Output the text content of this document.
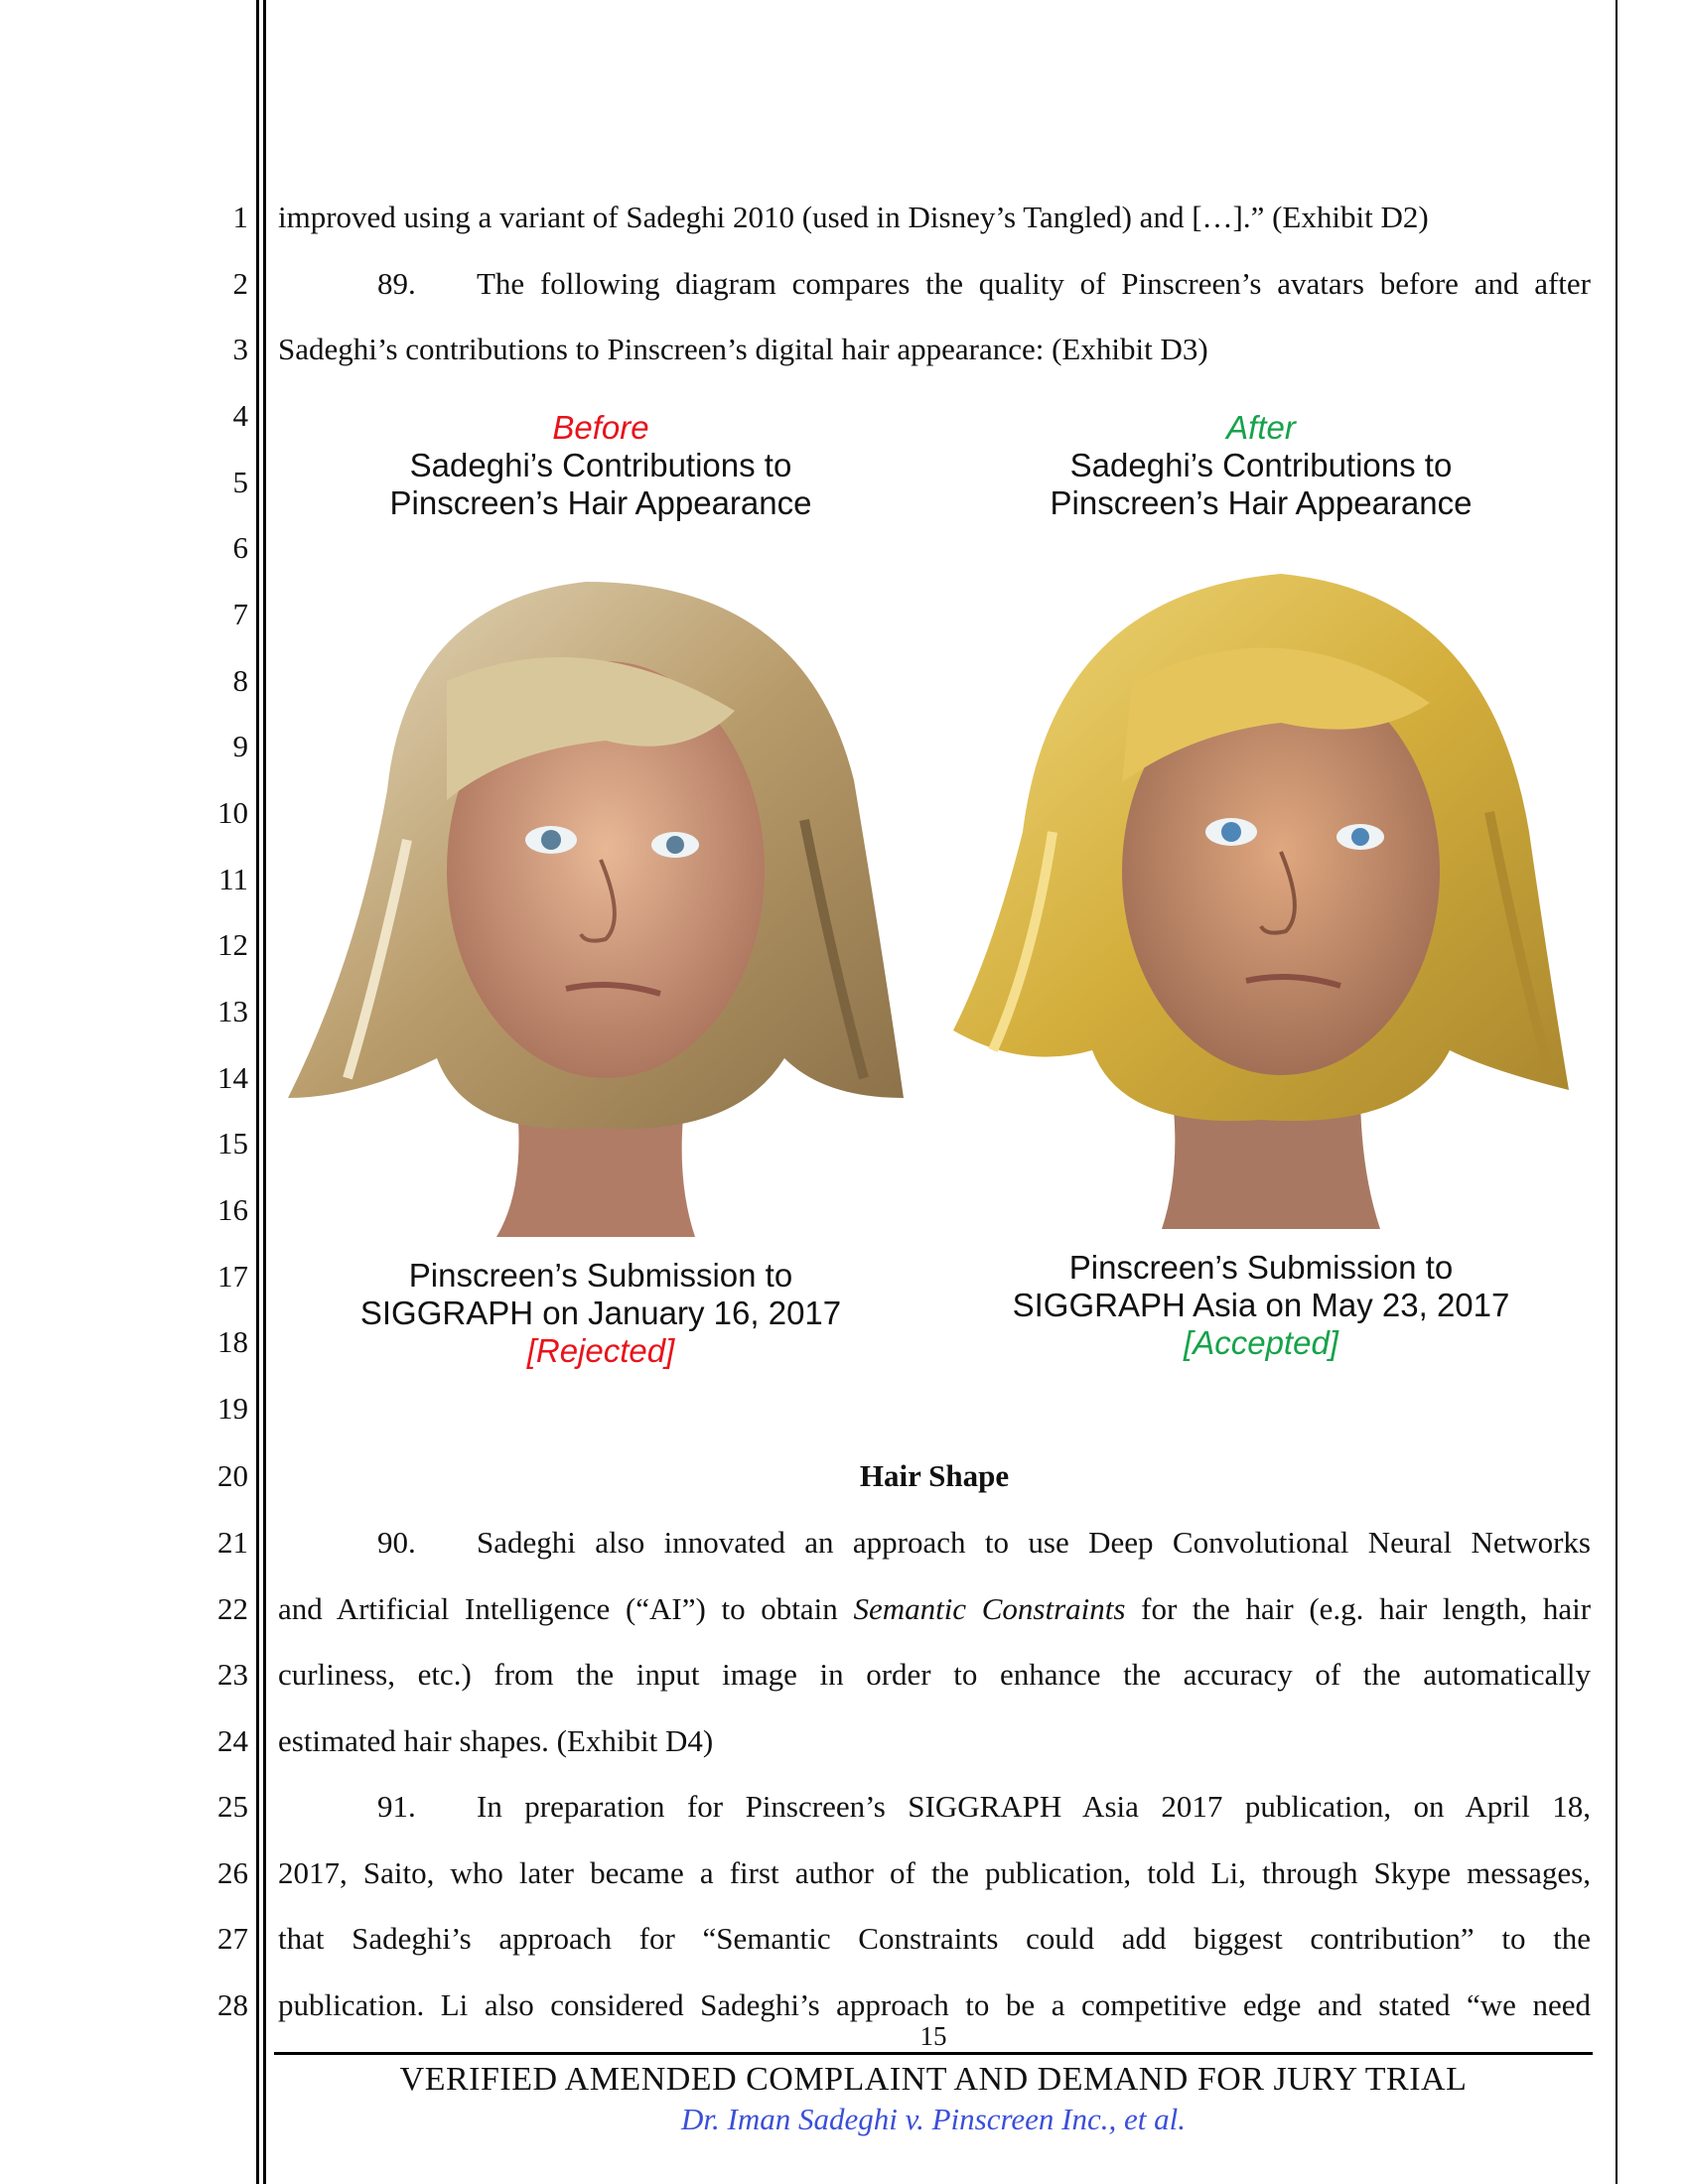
1
2
3
4
5
6
7
8
9
10
11
12
13
14
15
16
17
18
19
20
21
22
23
24
25
26
27
28
improved using a variant of Sadeghi 2010 (used in Disney’s Tangled) and […].” (Exhibit D2)
89. The following diagram compares the quality of Pinscreen’s avatars before and after
Sadeghi’s contributions to Pinscreen’s digital hair appearance: (Exhibit D3)
Before
Sadeghi’s Contributions to
Pinscreen’s Hair Appearance
Pinscreen’s Submission to
SIGGRAPH on January 16, 2017
[Rejected]
After
Sadeghi’s Contributions to
Pinscreen’s Hair Appearance
Pinscreen’s Submission to
SIGGRAPH Asia on May 23, 2017
[Accepted]
Hair Shape
90. Sadeghi also innovated an approach to use Deep Convolutional Neural Networks
and Artificial Intelligence (“AI”) to obtain Semantic Constraints for the hair (e.g. hair length, hair
curliness, etc.) from the input image in order to enhance the accuracy of the automatically
estimated hair shapes. (Exhibit D4)
91. In preparation for Pinscreen’s SIGGRAPH Asia 2017 publication, on April 18,
2017, Saito, who later became a first author of the publication, told Li, through Skype messages,
that Sadeghi’s approach for “Semantic Constraints could add biggest contribution” to the
publication. Li also considered Sadeghi’s approach to be a competitive edge and stated “we need
15
VERIFIED AMENDED COMPLAINT AND DEMAND FOR JURY TRIAL
Dr. Iman Sadeghi v. Pinscreen Inc., et al.
